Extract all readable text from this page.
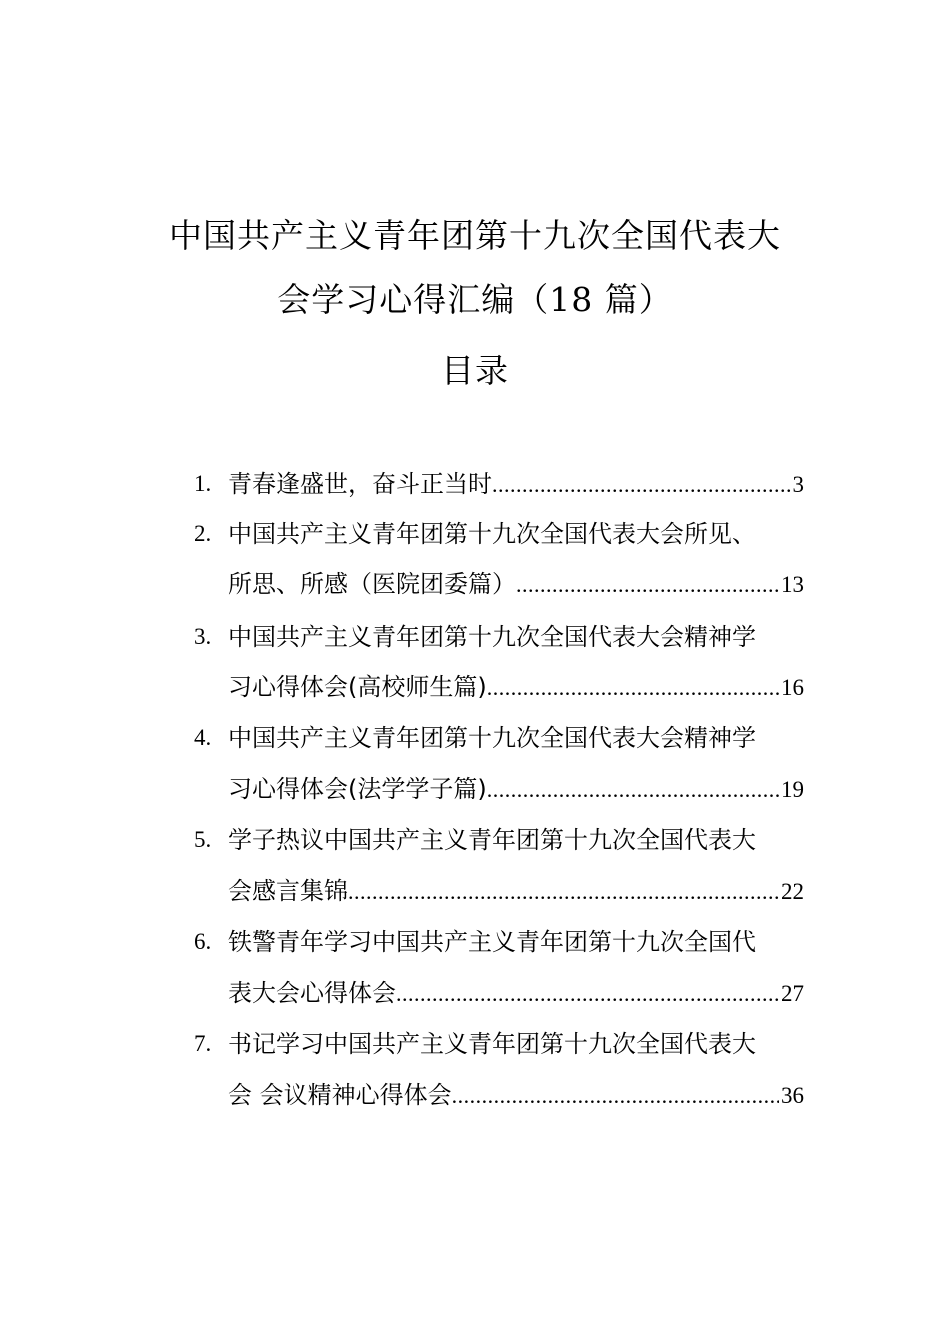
中国共产主义青年团第十九次全国代表大
会学习心得汇编（18 篇）
目录
1. 青春逢盛世，奋斗正当时 .....	3
2. 中国共产主义青年团第十九次全国代表大会所见、
所思、所感（医院团委篇） .....	13
3. 中国共产主义青年团第十九次全国代表大会精神学
习心得体会(高校师生篇) .....	16
4. 中国共产主义青年团第十九次全国代表大会精神学
习心得体会(法学学子篇) .....	19
5. 学子热议中国共产主义青年团第十九次全国代表大
会感言集锦 .....	22
6. 铁警青年学习中国共产主义青年团第十九次全国代
表大会心得体会 .....	27
7. 书记学习中国共产主义青年团第十九次全国代表大
会 会议精神心得体会 .....	36
